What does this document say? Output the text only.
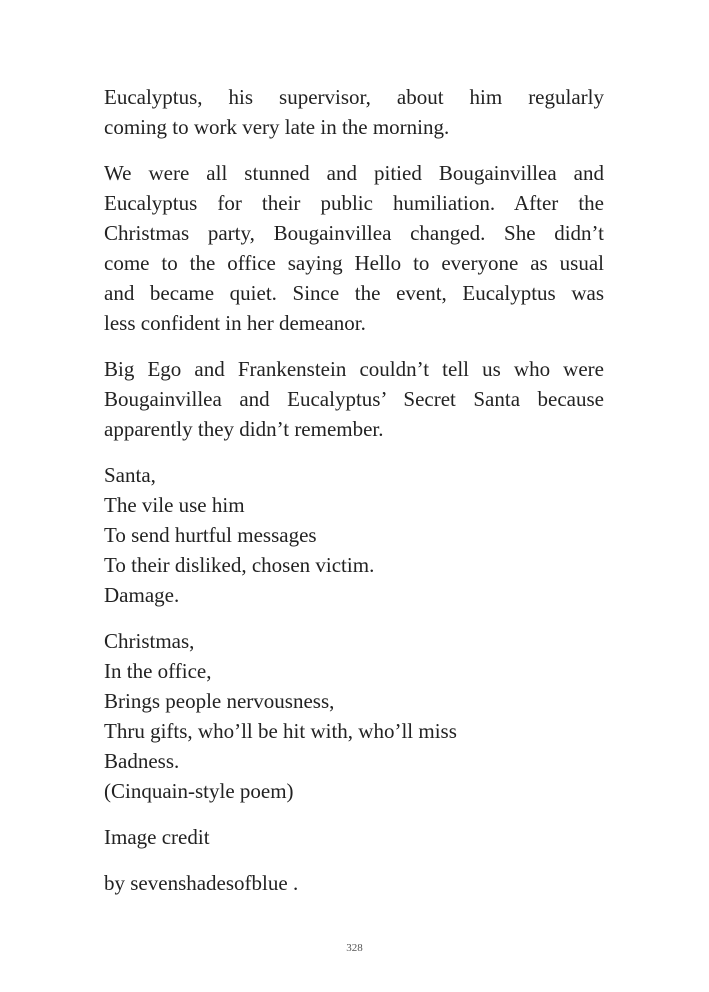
Eucalyptus, his supervisor, about him regularly
coming to work very late in the morning.
We were all stunned and pitied Bougainvillea and
Eucalyptus for their public humiliation. After the
Christmas party, Bougainvillea changed. She didn’t
come to the office saying Hello to everyone as usual
and became quiet. Since the event, Eucalyptus was
less confident in her demeanor.
Big Ego and Frankenstein couldn’t tell us who were
Bougainvillea and Eucalyptus’ Secret Santa because
apparently they didn’t remember.
Santa,
The vile use him
To send hurtful messages
To their disliked, chosen victim.
Damage.
Christmas,
In the office,
Brings people nervousness,
Thru gifts, who’ll be hit with, who’ll miss
Badness.
(Cinquain-style poem)
Image credit
by sevenshadesofblue .
328
